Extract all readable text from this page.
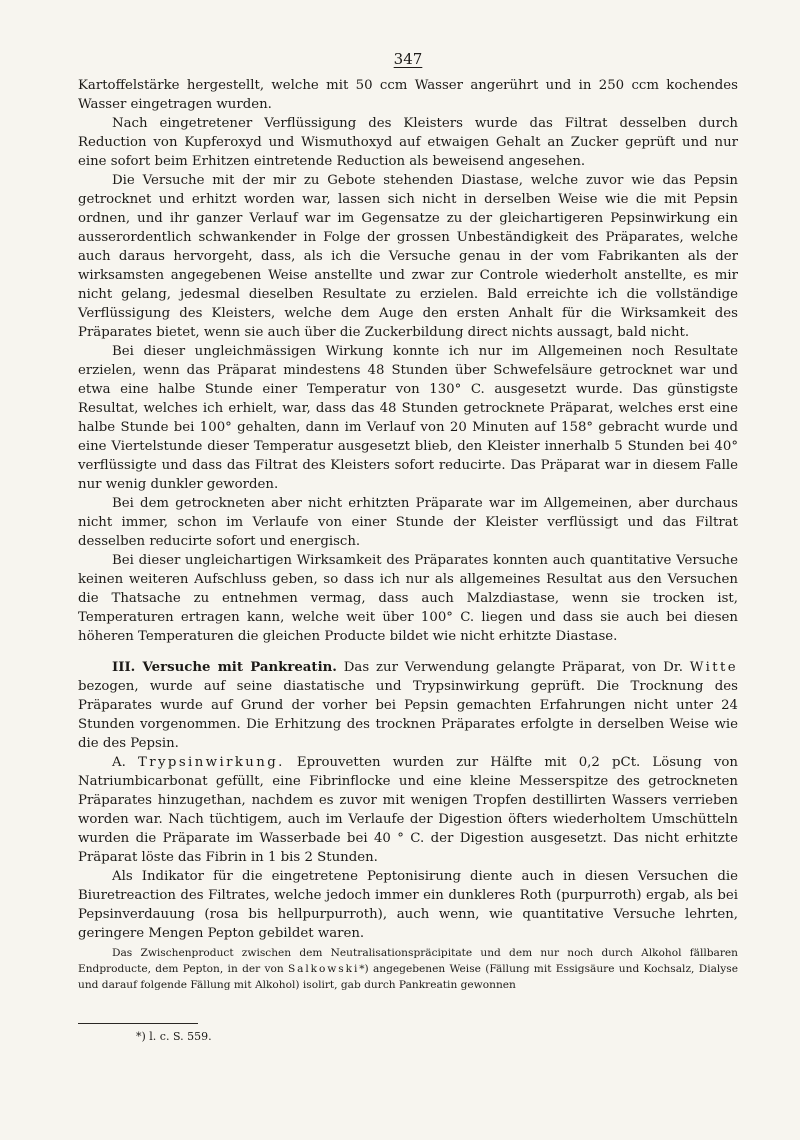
347

Kartoffelstärke hergestellt, welche mit 50 ccm Wasser angerührt und in 250 ccm kochendes Wasser eingetragen wurden.

Nach eingetretener Verflüssigung des Kleisters wurde das Filtrat desselben durch Reduction von Kupferoxyd und Wismuthoxyd auf etwaigen Gehalt an Zucker geprüft und nur eine sofort beim Erhitzen eintretende Reduction als beweisend angesehen.

Die Versuche mit der mir zu Gebote stehenden Diastase, welche zuvor wie das Pepsin getrocknet und erhitzt worden war, lassen sich nicht in derselben Weise wie die mit Pepsin ordnen, und ihr ganzer Verlauf war im Gegensatze zu der gleichartigeren Pepsinwirkung ein ausserordentlich schwankender in Folge der grossen Unbeständigkeit des Präparates, welche auch daraus hervorgeht, dass, als ich die Versuche genau in der vom Fabrikanten als der wirksamsten angegebenen Weise anstellte und zwar zur Controle wiederholt anstellte, es mir nicht gelang, jedesmal dieselben Resultate zu erzielen. Bald erreichte ich die vollständige Verflüssigung des Kleisters, welche dem Auge den ersten Anhalt für die Wirksamkeit des Präparates bietet, wenn sie auch über die Zuckerbildung direct nichts aussagt, bald nicht.

Bei dieser ungleichmässigen Wirkung konnte ich nur im Allgemeinen noch Resultate erzielen, wenn das Präparat mindestens 48 Stunden über Schwefelsäure getrocknet war und etwa eine halbe Stunde einer Temperatur von 130° C. ausgesetzt wurde. Das günstigste Resultat, welches ich erhielt, war, dass das 48 Stunden getrocknete Präparat, welches erst eine halbe Stunde bei 100° gehalten, dann im Verlauf von 20 Minuten auf 158° gebracht wurde und eine Viertelstunde dieser Temperatur ausgesetzt blieb, den Kleister innerhalb 5 Stunden bei 40° verflüssigte und dass das Filtrat des Kleisters sofort reducirte. Das Präparat war in diesem Falle nur wenig dunkler geworden.

Bei dem getrockneten aber nicht erhitzten Präparate war im Allgemeinen, aber durchaus nicht immer, schon im Verlaufe von einer Stunde der Kleister verflüssigt und das Filtrat desselben reducirte sofort und energisch.

Bei dieser ungleichartigen Wirksamkeit des Präparates konnten auch quantitative Versuche keinen weiteren Aufschluss geben, so dass ich nur als allgemeines Resultat aus den Versuchen die Thatsache zu entnehmen vermag, dass auch Malzdiastase, wenn sie trocken ist, Temperaturen ertragen kann, welche weit über 100° C. liegen und dass sie auch bei diesen höheren Temperaturen die gleichen Producte bildet wie nicht erhitzte Diastase.

III. Versuche mit Pankreatin. Das zur Verwendung gelangte Präparat, von Dr. Witte bezogen, wurde auf seine diastatische und Trypsinwirkung geprüft. Die Trocknung des Präparates wurde auf Grund der vorher bei Pepsin gemachten Erfahrungen nicht unter 24 Stunden vorgenommen. Die Erhitzung des trocknen Präparates erfolgte in derselben Weise wie die des Pepsin.

A. Trypsinwirkung. Eprouvetten wurden zur Hälfte mit 0,2 pCt. Lösung von Natriumbicarbonat gefüllt, eine Fibrinflocke und eine kleine Messerspitze des getrockneten Präparates hinzugethan, nachdem es zuvor mit wenigen Tropfen destillirten Wassers verrieben worden war. Nach tüchtigem, auch im Verlaufe der Digestion öfters wiederholtem Umschütteln wurden die Präparate im Wasserbade bei 40 ° C. der Digestion ausgesetzt. Das nicht erhitzte Präparat löste das Fibrin in 1 bis 2 Stunden.

Als Indikator für die eingetretene Peptonisirung diente auch in diesen Versuchen die Biuretreaction des Filtrates, welche jedoch immer ein dunkleres Roth (purpurroth) ergab, als bei Pepsinverdauung (rosa bis hellpurpurroth), auch wenn, wie quantitative Versuche lehrten, geringere Mengen Pepton gebildet waren.

Das Zwischenproduct zwischen dem Neutralisationspräcipitate und dem nur noch durch Alkohol fällbaren Endproducte, dem Pepton, in der von Salkowski*) angegebenen Weise (Fällung mit Essigsäure und Kochsalz, Dialyse und darauf folgende Fällung mit Alkohol) isolirt, gab durch Pankreatin gewonnen

*) l. c. S. 559.
